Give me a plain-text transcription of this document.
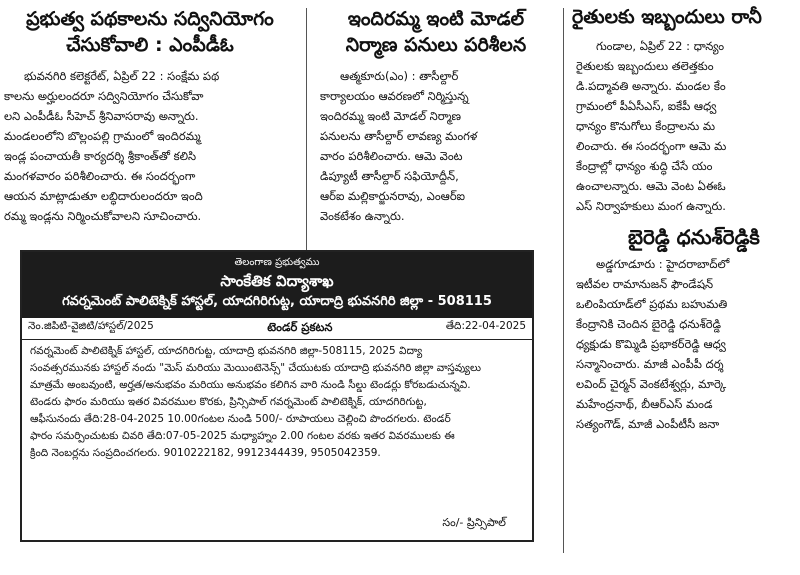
ప్రభుత్వ పథకాలను సద్వినియోగం
చేసుకోవాలి : ఎంపీడీఓ
భువనగిరి కలెక్టరేట్, ఏప్రిల్ 22 : సంక్షేమ పథ
కాలను అర్హులందరూ సద్వినియోగం చేసుకోవా
లని ఎంపీడీఓ సీహెచ్ శ్రీనివాసరావు అన్నారు.
మండలంలోని బొల్లంపల్లి గ్రామంలో ఇందిరమ్మ
ఇండ్ల పంచాయతీ కార్యదర్శి శ్రీకాంత్‌తో కలిసి
మంగళవారం పరిశీలించారు. ఈ సందర్భంగా
ఆయన మాట్లాడుతూ లబ్ధిదారులందరూ ఇంది
రమ్మ ఇండ్లను నిర్మించుకోవాలని సూచించారు.
ఇందిరమ్మ ఇంటి మోడల్
నిర్మాణ పనులు పరిశీలన
ఆత్మకూరు(ఎం) : తాసీల్దార్
కార్యాలయం ఆవరణలో నిర్మిస్తున్న
ఇందిరమ్మ ఇంటి మోడల్ నిర్మాణ
పనులను తాసీల్దార్ లావణ్య మంగళ
వారం పరిశీలించారు. ఆమె వెంట
డిప్యూటీ తాసీల్దార్ సఫియోద్దీన్,
ఆర్ఐ మల్లికార్జునరావు, ఎంఆర్ఐ
వెంకటేశం ఉన్నారు.
రైతులకు ఇబ్బందులు రానీ
గుండాల, ఏప్రిల్ 22 : ధాన్యం
రైతులకు ఇబ్బందులు తలెత్తకుం
డి.పద్మావతి అన్నారు. మండల కేం
గ్రామంలో పీఏసీఎస్, ఐకేపీ ఆధ్వ
ధాన్యం కొనుగోలు కేంద్రాలను మ
లించారు. ఈ సందర్భంగా ఆమె మ
కేంద్రాల్లో ధాన్యం శుద్ధి చేసే యం
ఉంచాలన్నారు. ఆమె వెంట ఏఈఓ
ఎస్ నిర్వాహకులు మంగ ఉన్నారు.
బైరెడ్డి ధనుశ్‌రెడ్డికి
అడ్డగూడూరు : హైదరాబాద్‌లో
ఇటీవల రామానుజన్ ఫౌండేషన్
ఒలింపియాడ్‌లో ప్రథమ బహుమతి
కేంద్రానికి చెందిన బైరెడ్డి ధనుశ్‌రెడ్డి
ధ్యక్షుడు కొమ్మిడి ప్రభాకర్‌రెడ్డి ఆధ్వ
సన్మానించారు. మాజీ ఎంపీపీ దర్శ
లవింద్ చైర్మన్ వెంకటేశ్వర్లు, మార్కె
మహేంద్రనాథ్, బీఆర్ఎస్ మండ
సత్యంగౌడ్, మాజీ ఎంపీటీసీ జనా
తెలంగాణ ప్రభుత్వము
సాంకేతిక విద్యాశాఖ
గవర్నమెంట్ పాలిటెక్నిక్ హాస్టల్, యాదగిరిగుట్ట, యాదాద్రి భువనగిరి జిల్లా - 508115
నెం.జిపిటి-వైజిటి/హాస్టల్/2025	టెండర్ ప్రకటన	తేది:22-04-2025
గవర్నమెంట్ పాలిటెక్నిక్ హాస్టల్, యాదగిరిగుట్ట, యాదాద్రి భువనగిరి జిల్లా-508115, 2025 విద్యా
సంవత్సరమునకు హాస్టల్ నందు "మెస్ మరియు మెయింటెనెన్స్" చేయుటకు యాదాద్రి భువనగిరి జిల్లా వాస్తవ్యులు
మాత్రమే అంబవుంటి, అర్హత/అనుభవం మరియు అనుభవం కలిగిన వారి నుండి సీల్డు టెండర్లు కోరబడుచున్నవి.
టెండరు ఫారం మరియు ఇతర వివరముల కొరకు, ప్రిన్సిపాల్ గవర్నమెంట్ పాలిటెక్నిక్, యాదగిరిగుట్ట,
ఆఫీసునందు తేది:28-04-2025 10.00గంటల నుండి 500/- రూపాయలు చెల్లించి పొందగలరు. టెండర్
ఫారం సమర్పించుటకు చివరి తేది:07-05-2025 మధ్యాహ్నం 2.00 గంటల వరకు ఇతర వివరములకు ఈ
క్రింది నెంబర్లను సంప్రదించగలరు. 9010222182, 9912344439, 9505042359.
సం/- ప్రిన్సిపాల్
